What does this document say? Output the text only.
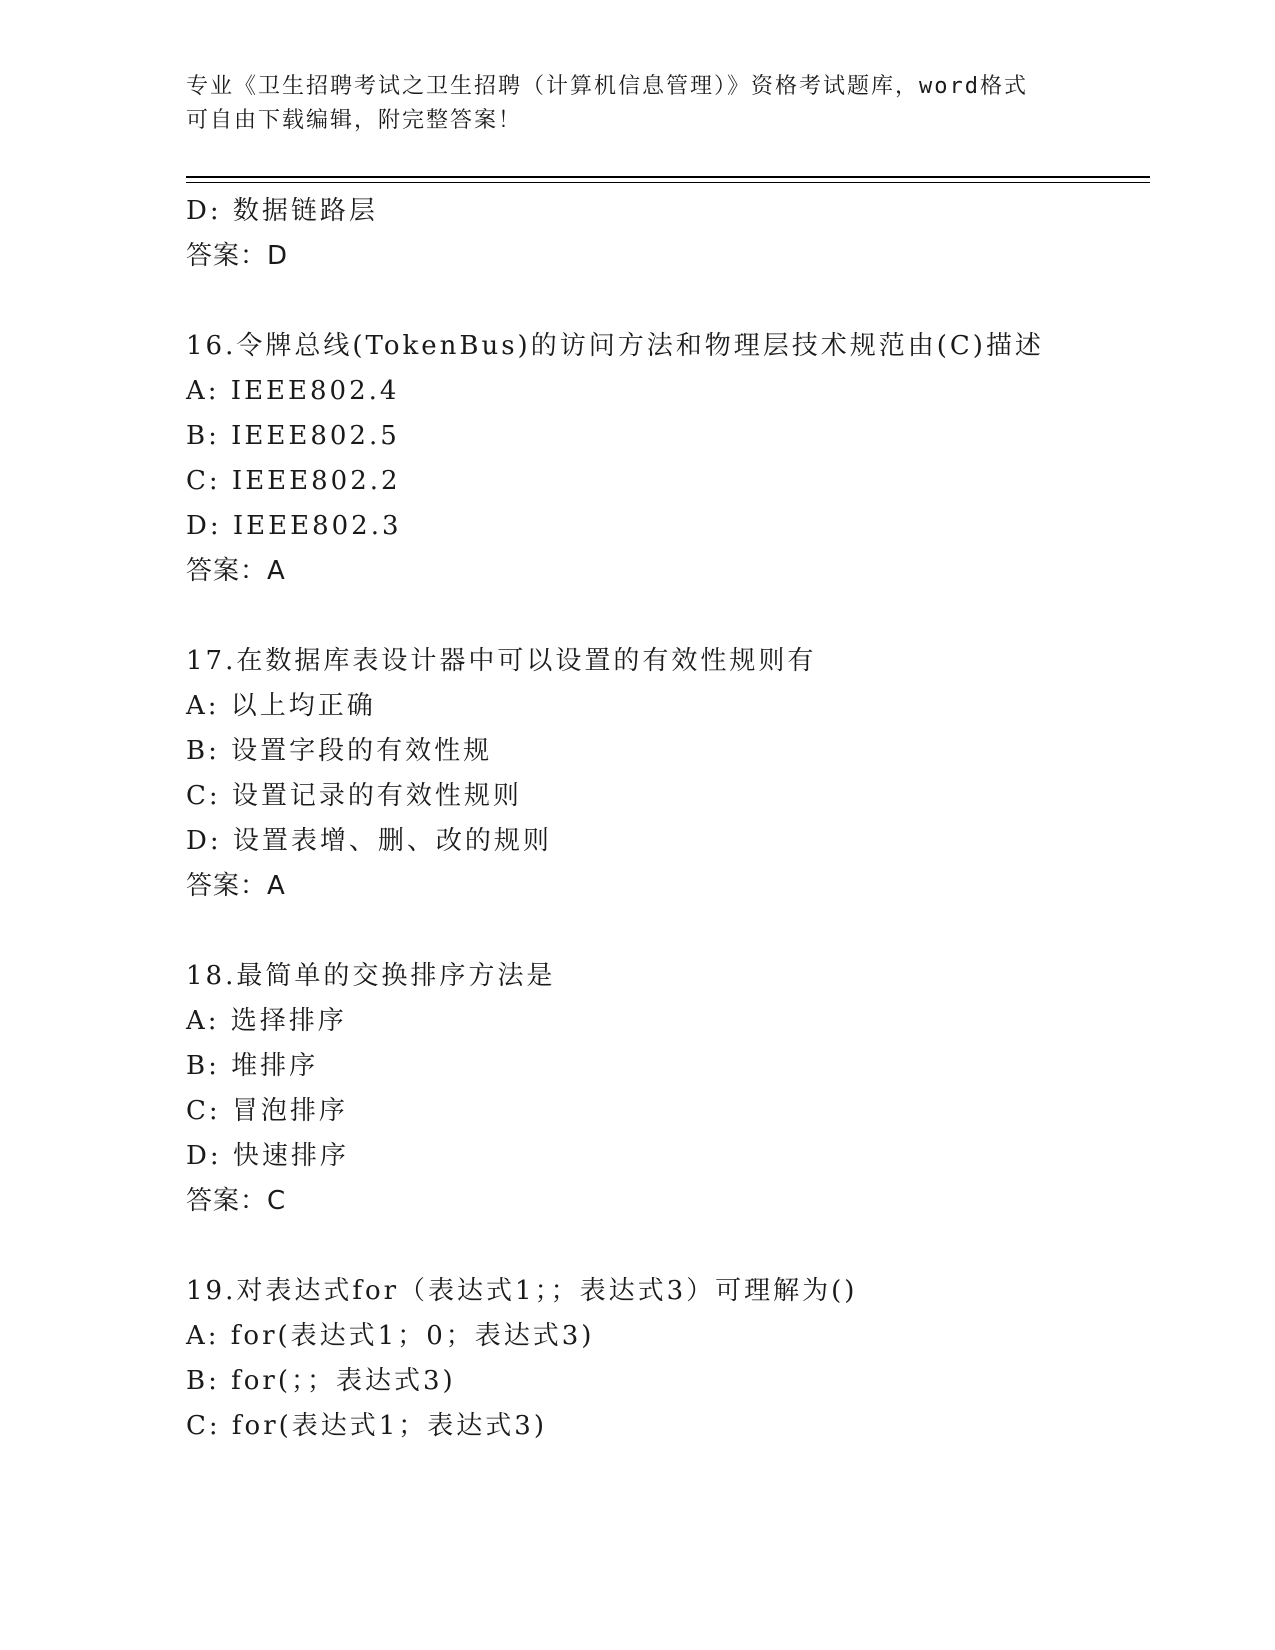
专业《卫生招聘考试之卫生招聘（计算机信息管理）》资格考试题库，word格式
可自由下载编辑，附完整答案！
D: 数据链路层
答案：D
16.令牌总线(TokenBus)的访问方法和物理层技术规范由(C)描述
A: IEEE802.4
B: IEEE802.5
C: IEEE802.2
D: IEEE802.3
答案：A
17.在数据库表设计器中可以设置的有效性规则有
A: 以上均正确
B: 设置字段的有效性规
C: 设置记录的有效性规则
D: 设置表增、删、改的规则
答案：A
18.最简单的交换排序方法是
A: 选择排序
B: 堆排序
C: 冒泡排序
D: 快速排序
答案：C
19.对表达式for（表达式1；；表达式3）可理解为()
A: for(表达式1；0；表达式3)
B: for(；；表达式3)
C: for(表达式1；表达式3)
